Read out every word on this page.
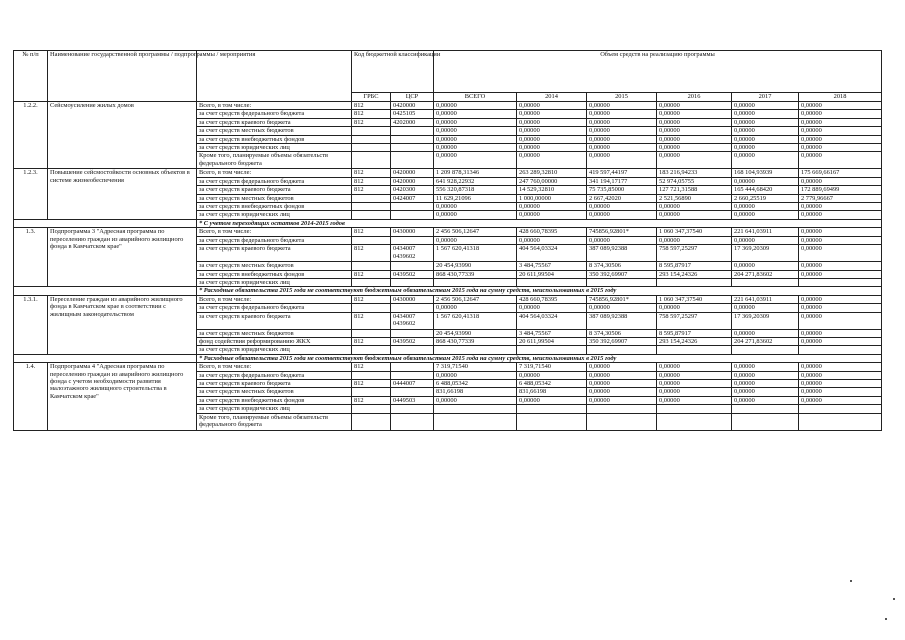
№ п/п	Наименование государственной программы / подпрограммы / мероприятия		Код бюджетной классификации		Объем средств на реализацию программы					
			ГРБС	ЦСР	ВСЕГО	2014	2015	2016	2017	2018
1.2.2.	Сейсмоусиление жилых домов	Всего, в том числе:	812	0420000	0,00000	0,00000	0,00000	0,00000	0,00000	0,00000
		за счет средств федерального бюджета	812	0425105	0,00000	0,00000	0,00000	0,00000	0,00000	0,00000
		за счет средств краевого бюджета	812	4202000	0,00000	0,00000	0,00000	0,00000	0,00000	0,00000
		за счет средств местных бюджетов			0,00000	0,00000	0,00000	0,00000	0,00000	0,00000
		за счет средств внебюджетных фондов			0,00000	0,00000	0,00000	0,00000	0,00000	0,00000
		за счет средств юридических лиц			0,00000	0,00000	0,00000	0,00000	0,00000	0,00000
		Кроме того, планируемые объемы обязательств федерального бюджета			0,00000	0,00000	0,00000	0,00000	0,00000	0,00000
1.2.3.	Повышение сейсмостойкости основных объектов в системе жизнеобеспечения	Всего, в том числе:	812	0420000	1 209 878,31346	263 289,32810	419 597,44197	183 216,94233	168 104,93939	175 669,66167
		за счет средств федерального бюджета	812	0420000	641 928,22932	247 760,00000	341 194,17177	52 974,05755	0,00000	0,00000
		за счет средств краевого бюджета	812	0420300	556 320,87318	14 529,32810	75 735,85000	127 721,31588	165 444,68420	172 889,69499
		за счет средств местных бюджетов		0424007	11 629,21096	1 000,00000	2 667,42020	2 521,56890	2 660,25519	2 779,96667
		за счет средств внебюджетных фондов			0,00000	0,00000	0,00000	0,00000	0,00000	0,00000
		за счет средств юридических лиц			0,00000	0,00000	0,00000	0,00000	0,00000	0,00000
		* С учетом переходящих остатков 2014-2015 годов								
1.3.	Подпрограмма 3 "Адресная программа по переселению граждан из аварийного жилищного фонда в Камчатском крае"	Всего, в том числе:	812	0430000	2 456 506,12647	428 660,78395	745856,92801*	1 060 347,37540	221 641,03911	0,00000
		за счет средств федерального бюджета			0,00000	0,00000	0,00000	0,00000	0,00000	0,00000
		за счет средств краевого бюджета	812	0434007 0439602	1 567 620,41318	404 564,03324	387 089,92388	758 597,25297	17 369,20309	0,00000
		за счет средств местных бюджетов			20 454,93990	3 484,75567	8 374,30506	8 595,87917	0,00000	0,00000
		за счет средств внебюджетных фондов	812	0439502	868 430,77339	20 611,99504	350 392,69907	293 154,24326	204 271,83602	0,00000
		за счет средств юридических лиц								
		* Расходные обязательства 2015 года не соответствуют бюджетным обязательствам 2015 года на сумму средств, неиспользованных в 2015 году								
1.3.1.	Переселение граждан из аварийного жилищного фонда в Камчатском крае в соответствии с жилищным законодательством	Всего, в том числе:	812	0430000	2 456 506,12647	428 660,78395	745856,92801*	1 060 347,37540	221 641,03911	0,00000
		за счет средств федерального бюджета			0,00000	0,00000	0,00000	0,00000	0,00000	0,00000
		за счет средств краевого бюджета	812	0434007 0439602	1 567 620,41318	404 564,03324	387 089,92388	758 597,25297	17 369,20309	0,00000
		за счет средств местных бюджетов			20 454,93990	3 484,75567	8 374,30506	8 595,87917	0,00000	0,00000
		фонд содействия реформированию ЖКХ	812	0439502	868 430,77339	20 611,99504	350 392,69907	293 154,24326	204 271,83602	0,00000
		за счет средств юридических лиц								
		* Расходные обязательства 2015 года не соответствуют бюджетным обязательствам 2015 года на сумму средств, неиспользованных в 2015 году								
1.4.	Подпрограмма 4 "Адресная программа по переселению граждан из аварийного жилищного фонда с учетом необходимости развития малоэтажного жилищного строительства в Камчатском крае"	Всего, в том числе:	812		7 319,71540	7 319,71540	0,00000	0,00000	0,00000	0,00000
		за счет средств федерального бюджета			0,00000	0,00000	0,00000	0,00000	0,00000	0,00000
		за счет средств краевого бюджета	812	0444007	6 488,05342	6 488,05342	0,00000	0,00000	0,00000	0,00000
		за счет средств местных бюджетов			831,66198	831,66198	0,00000	0,00000	0,00000	0,00000
		за счет средств внебюджетных фондов	812	0449503	0,00000	0,00000	0,00000	0,00000	0,00000	0,00000
		за счет средств юридических лиц								
		Кроме того, планируемые объемы обязательств федерального бюджета								
